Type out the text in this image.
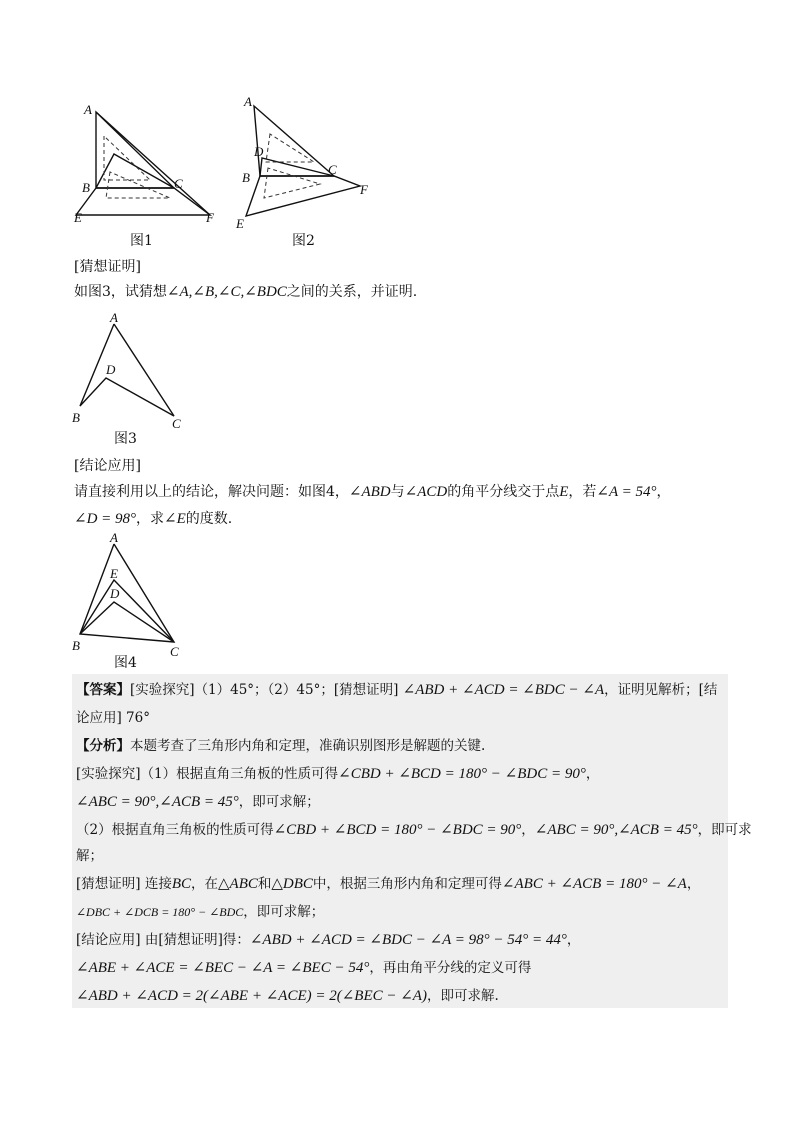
A
B	C
E	F
图1
A
D
B
C
E
F
图2
[猜想证明]
如图3，试猜想∠A,∠B,∠C,∠BDC之间的关系，并证明.
A
D
B	C
图3
[结论应用]
请直接利用以上的结论，解决问题：如图4，∠ABD与∠ACD的角平分线交于点E，若∠A = 54°，
∠D = 98°，求∠E的度数.
A
E
D
B	C
图4
【答案】[实验探究]（1）45°；（2）45°；[猜想证明] ∠ABD + ∠ACD = ∠BDC − ∠A，证明见解析；[结
论应用] 76°
【分析】本题考查了三角形内角和定理，准确识别图形是解题的关键.
[实验探究]（1）根据直角三角板的性质可得∠CBD + ∠BCD = 180° − ∠BDC = 90°，
∠ABC = 90°,∠ACB = 45°，即可求解；
（2）根据直角三角板的性质可得∠CBD + ∠BCD = 180° − ∠BDC = 90°，∠ABC = 90°,∠ACB = 45°，即可求
解；
[猜想证明] 连接BC，在△ABC和△DBC中，根据三角形内角和定理可得∠ABC + ∠ACB = 180° − ∠A，
∠DBC + ∠DCB = 180° − ∠BDC，即可求解；
[结论应用] 由[猜想证明]得：∠ABD + ∠ACD = ∠BDC − ∠A = 98° − 54° = 44°，
∠ABE + ∠ACE = ∠BEC − ∠A = ∠BEC − 54°，再由角平分线的定义可得
∠ABD + ∠ACD = 2(∠ABE + ∠ACE) = 2(∠BEC − ∠A)，即可求解.
